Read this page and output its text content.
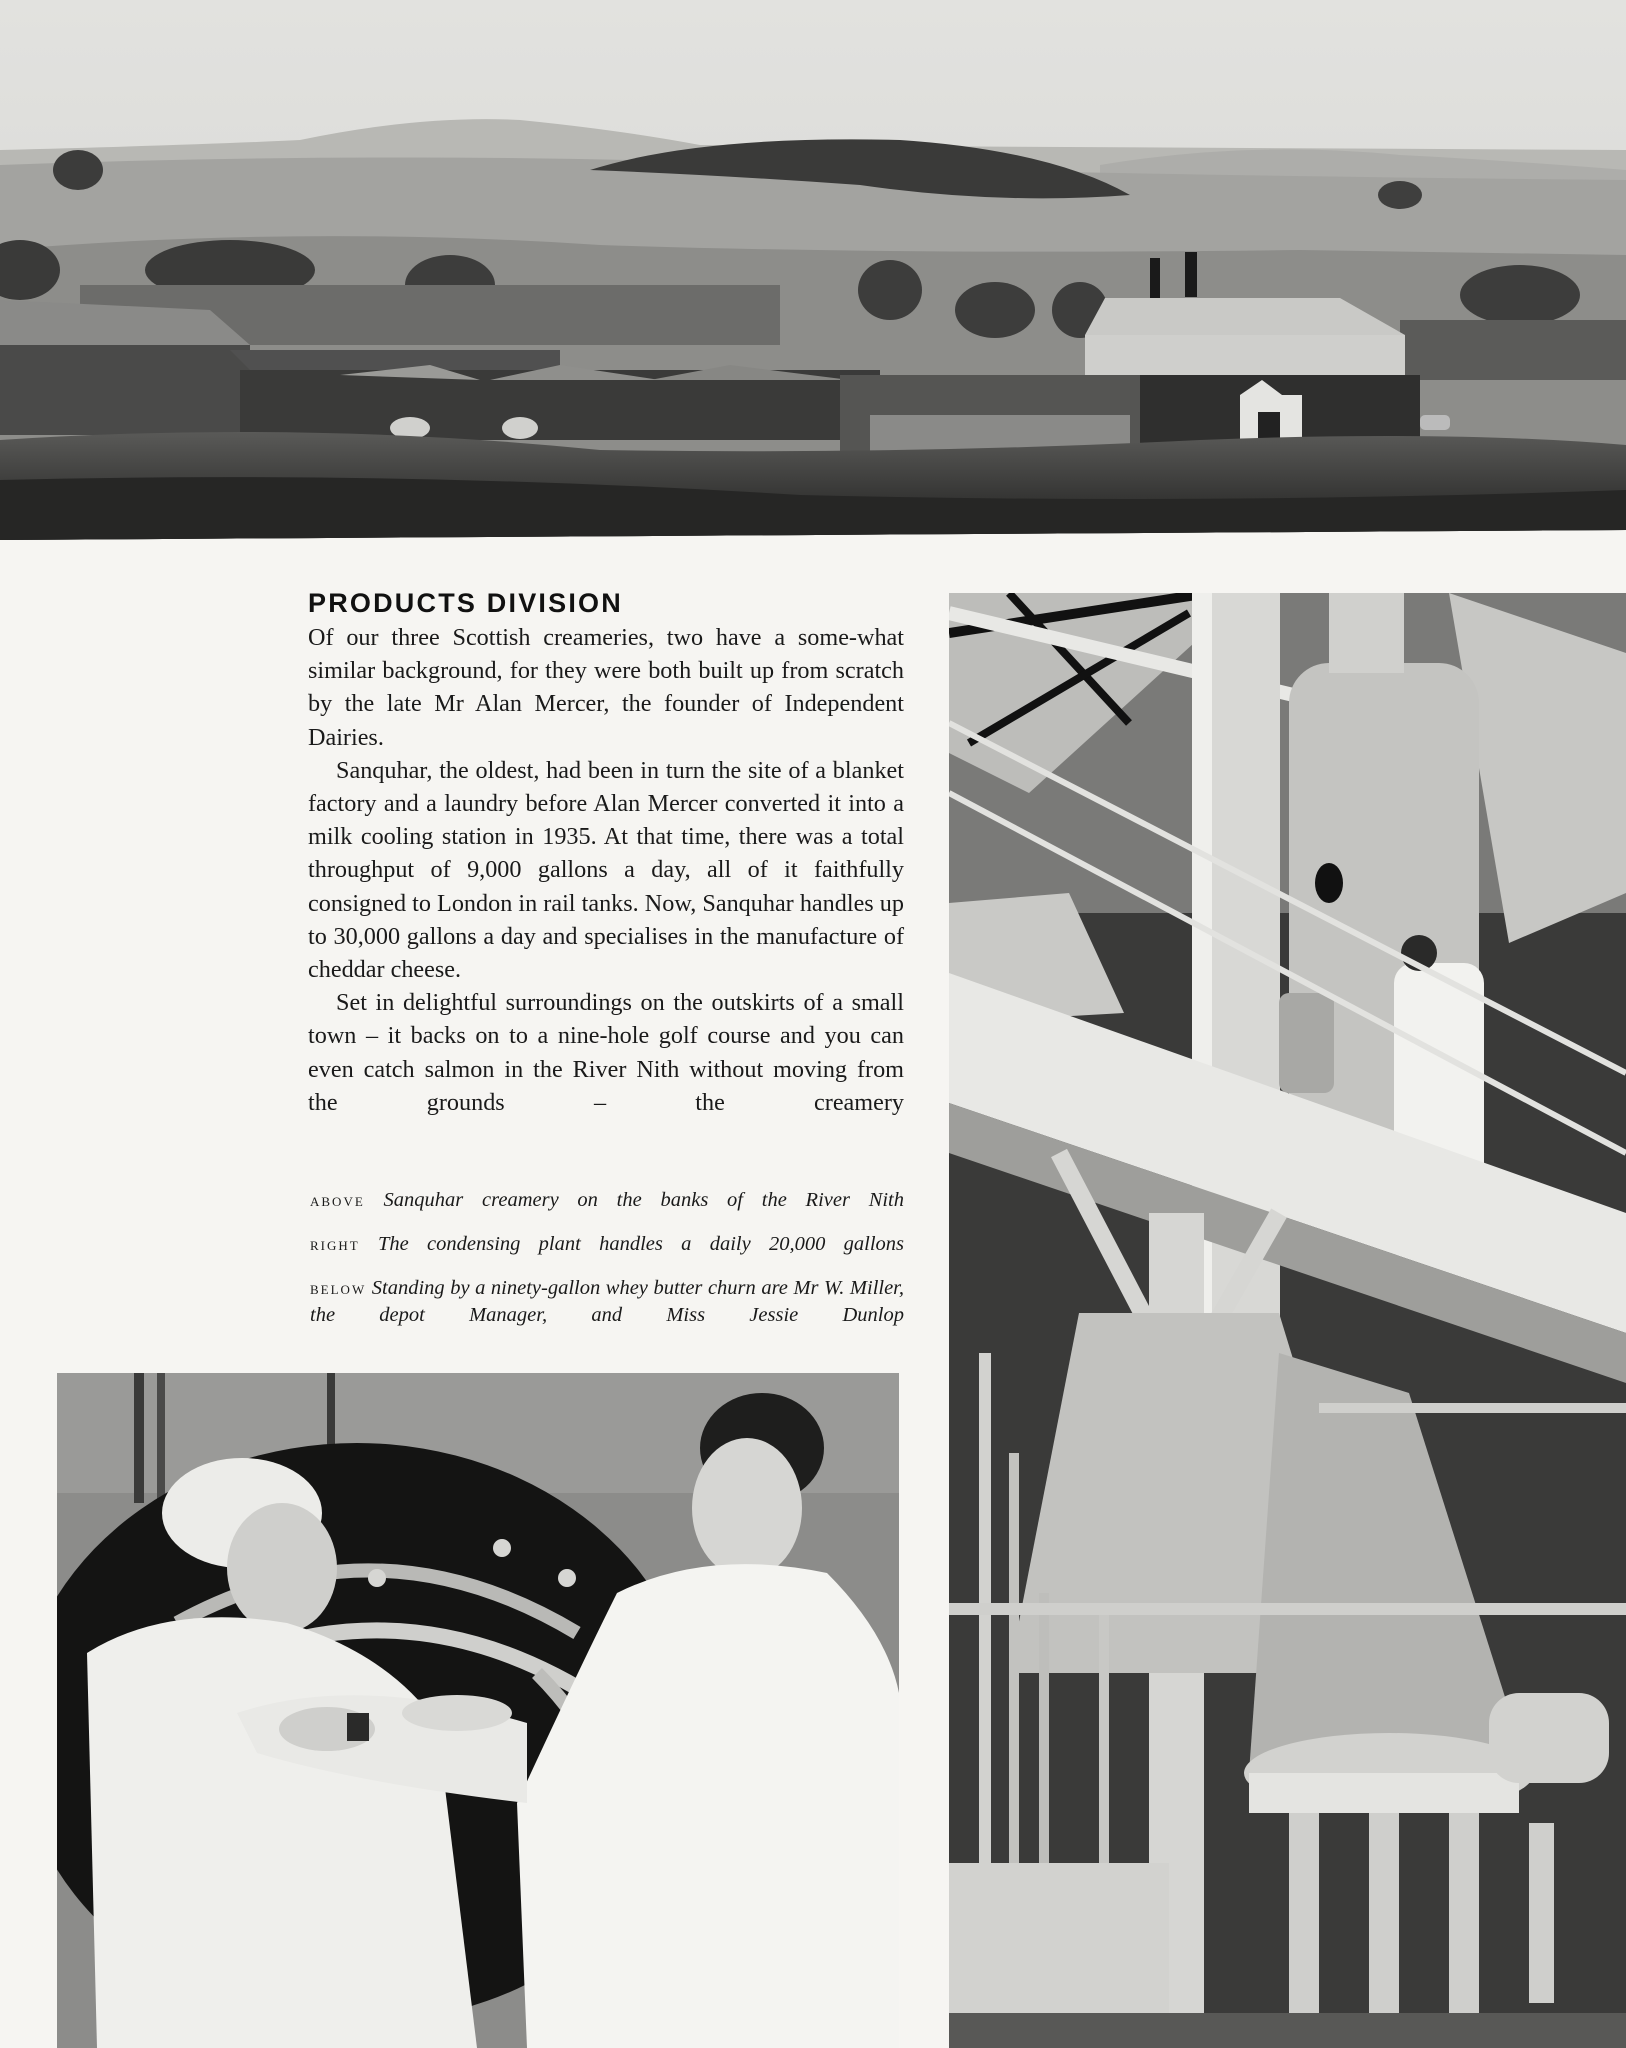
PRODUCTS DIVISION

Of our three Scottish creameries, two have a some-what similar background, for they were both built up from scratch by the late Mr Alan Mercer, the founder of Independent Dairies.

Sanquhar, the oldest, had been in turn the site of a blanket factory and a laundry before Alan Mercer converted it into a milk cooling station in 1935. At that time, there was a total throughput of 9,000 gallons a day, all of it faithfully consigned to London in rail tanks. Now, Sanquhar handles up to 30,000 gallons a day and specialises in the manufacture of cheddar cheese.

Set in delightful surroundings on the outskirts of a small town – it backs on to a nine-hole golf course and you can even catch salmon in the River Nith without moving from the grounds – the creamery

above Sanquhar creamery on the banks of the River Nith

right The condensing plant handles a daily 20,000 gallons

below Standing by a ninety-gallon whey butter churn are Mr W. Miller, the depot Manager, and Miss Jessie Dunlop
